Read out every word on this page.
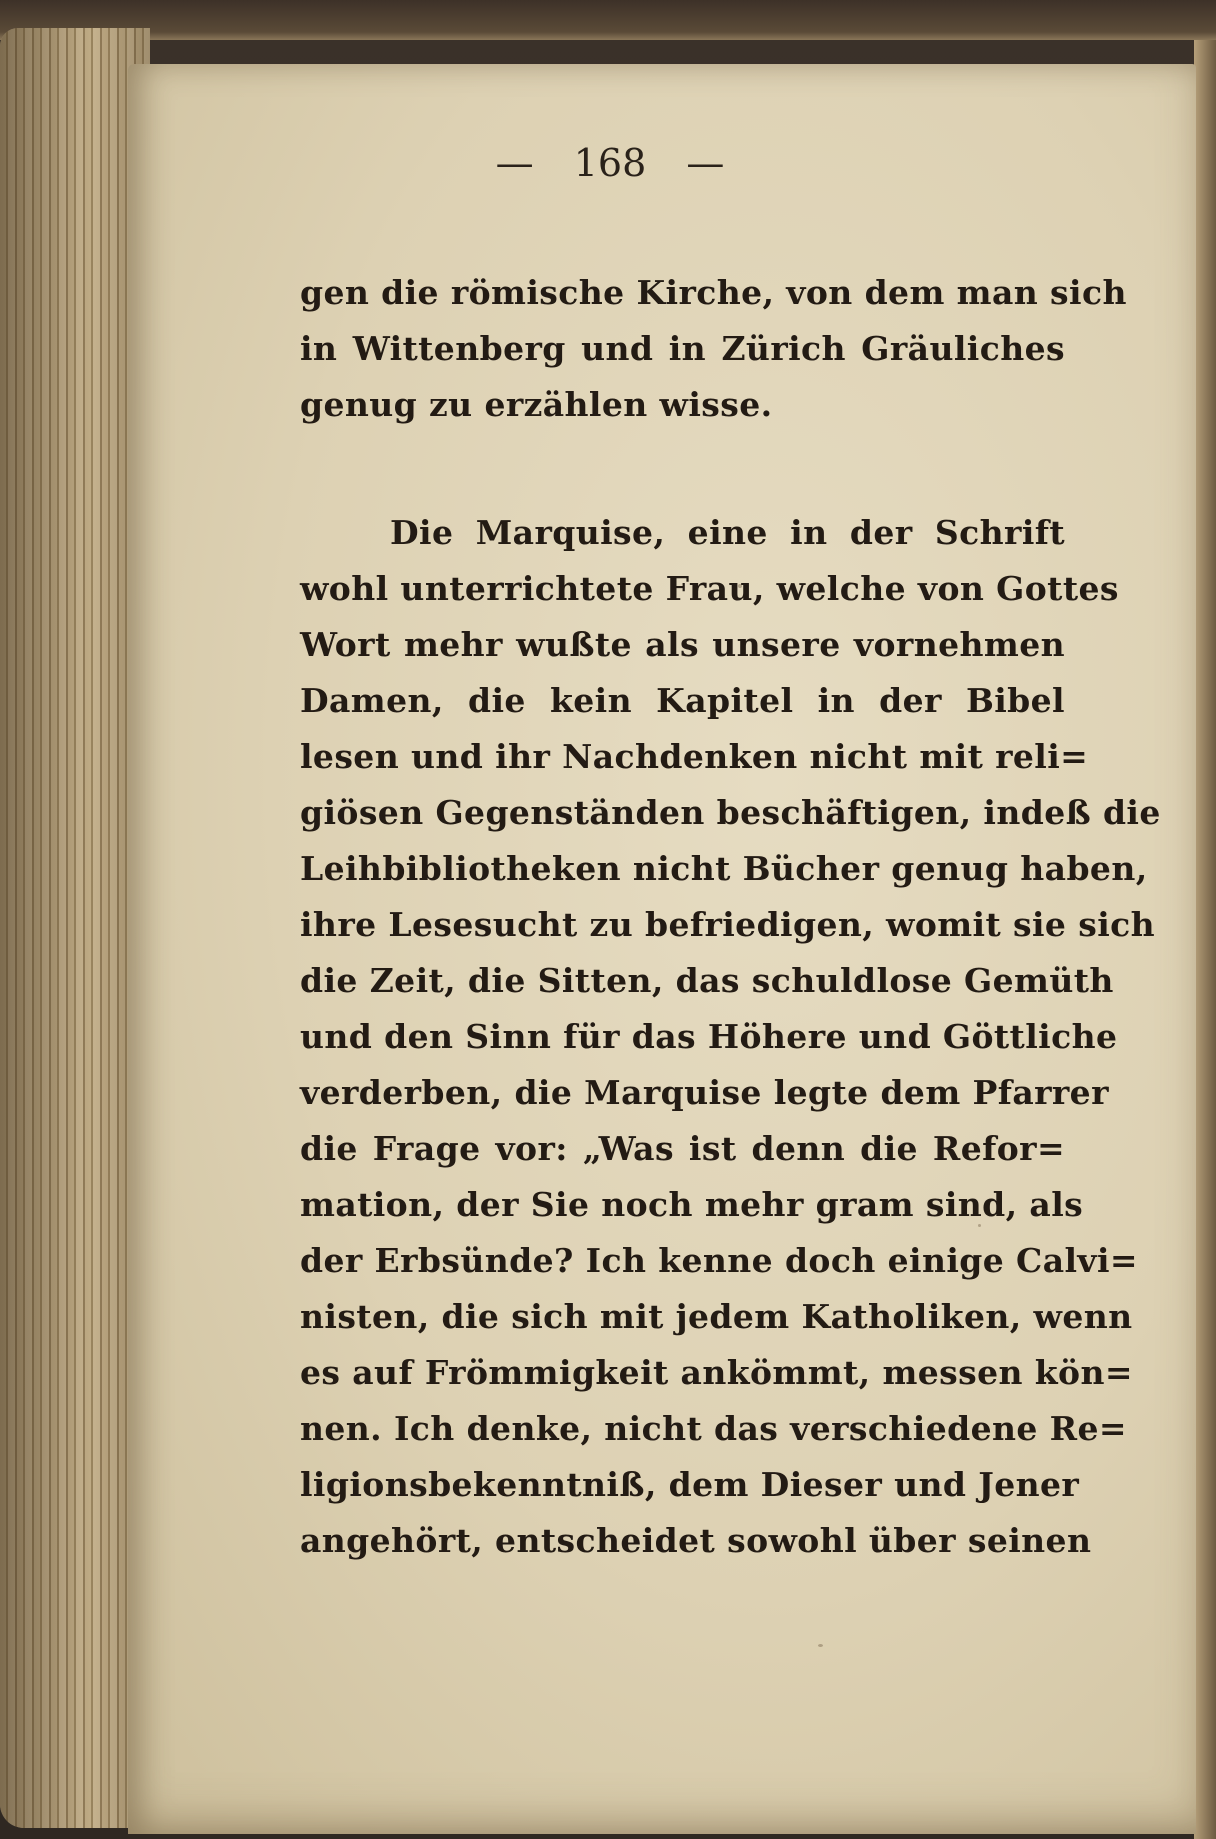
— 168 —
gen die römische Kirche, von dem man sich
in Wittenberg und in Zürich Gräuliches
genug zu erzählen wisse.
Die Marquise, eine in der Schrift
wohl unterrichtete Frau, welche von Gottes
Wort mehr wußte als unsere vornehmen
Damen, die kein Kapitel in der Bibel
lesen und ihr Nachdenken nicht mit reli=
giösen Gegenständen beschäftigen, indeß die
Leihbibliotheken nicht Bücher genug haben,
ihre Lesesucht zu befriedigen, womit sie sich
die Zeit, die Sitten, das schuldlose Gemüth
und den Sinn für das Höhere und Göttliche
verderben, die Marquise legte dem Pfarrer
die Frage vor: „Was ist denn die Refor=
mation, der Sie noch mehr gram sind, als
der Erbsünde? Ich kenne doch einige Calvi=
nisten, die sich mit jedem Katholiken, wenn
es auf Frömmigkeit ankömmt, messen kön=
nen. Ich denke, nicht das verschiedene Re=
ligionsbekenntniß, dem Dieser und Jener
angehört, entscheidet sowohl über seinen
